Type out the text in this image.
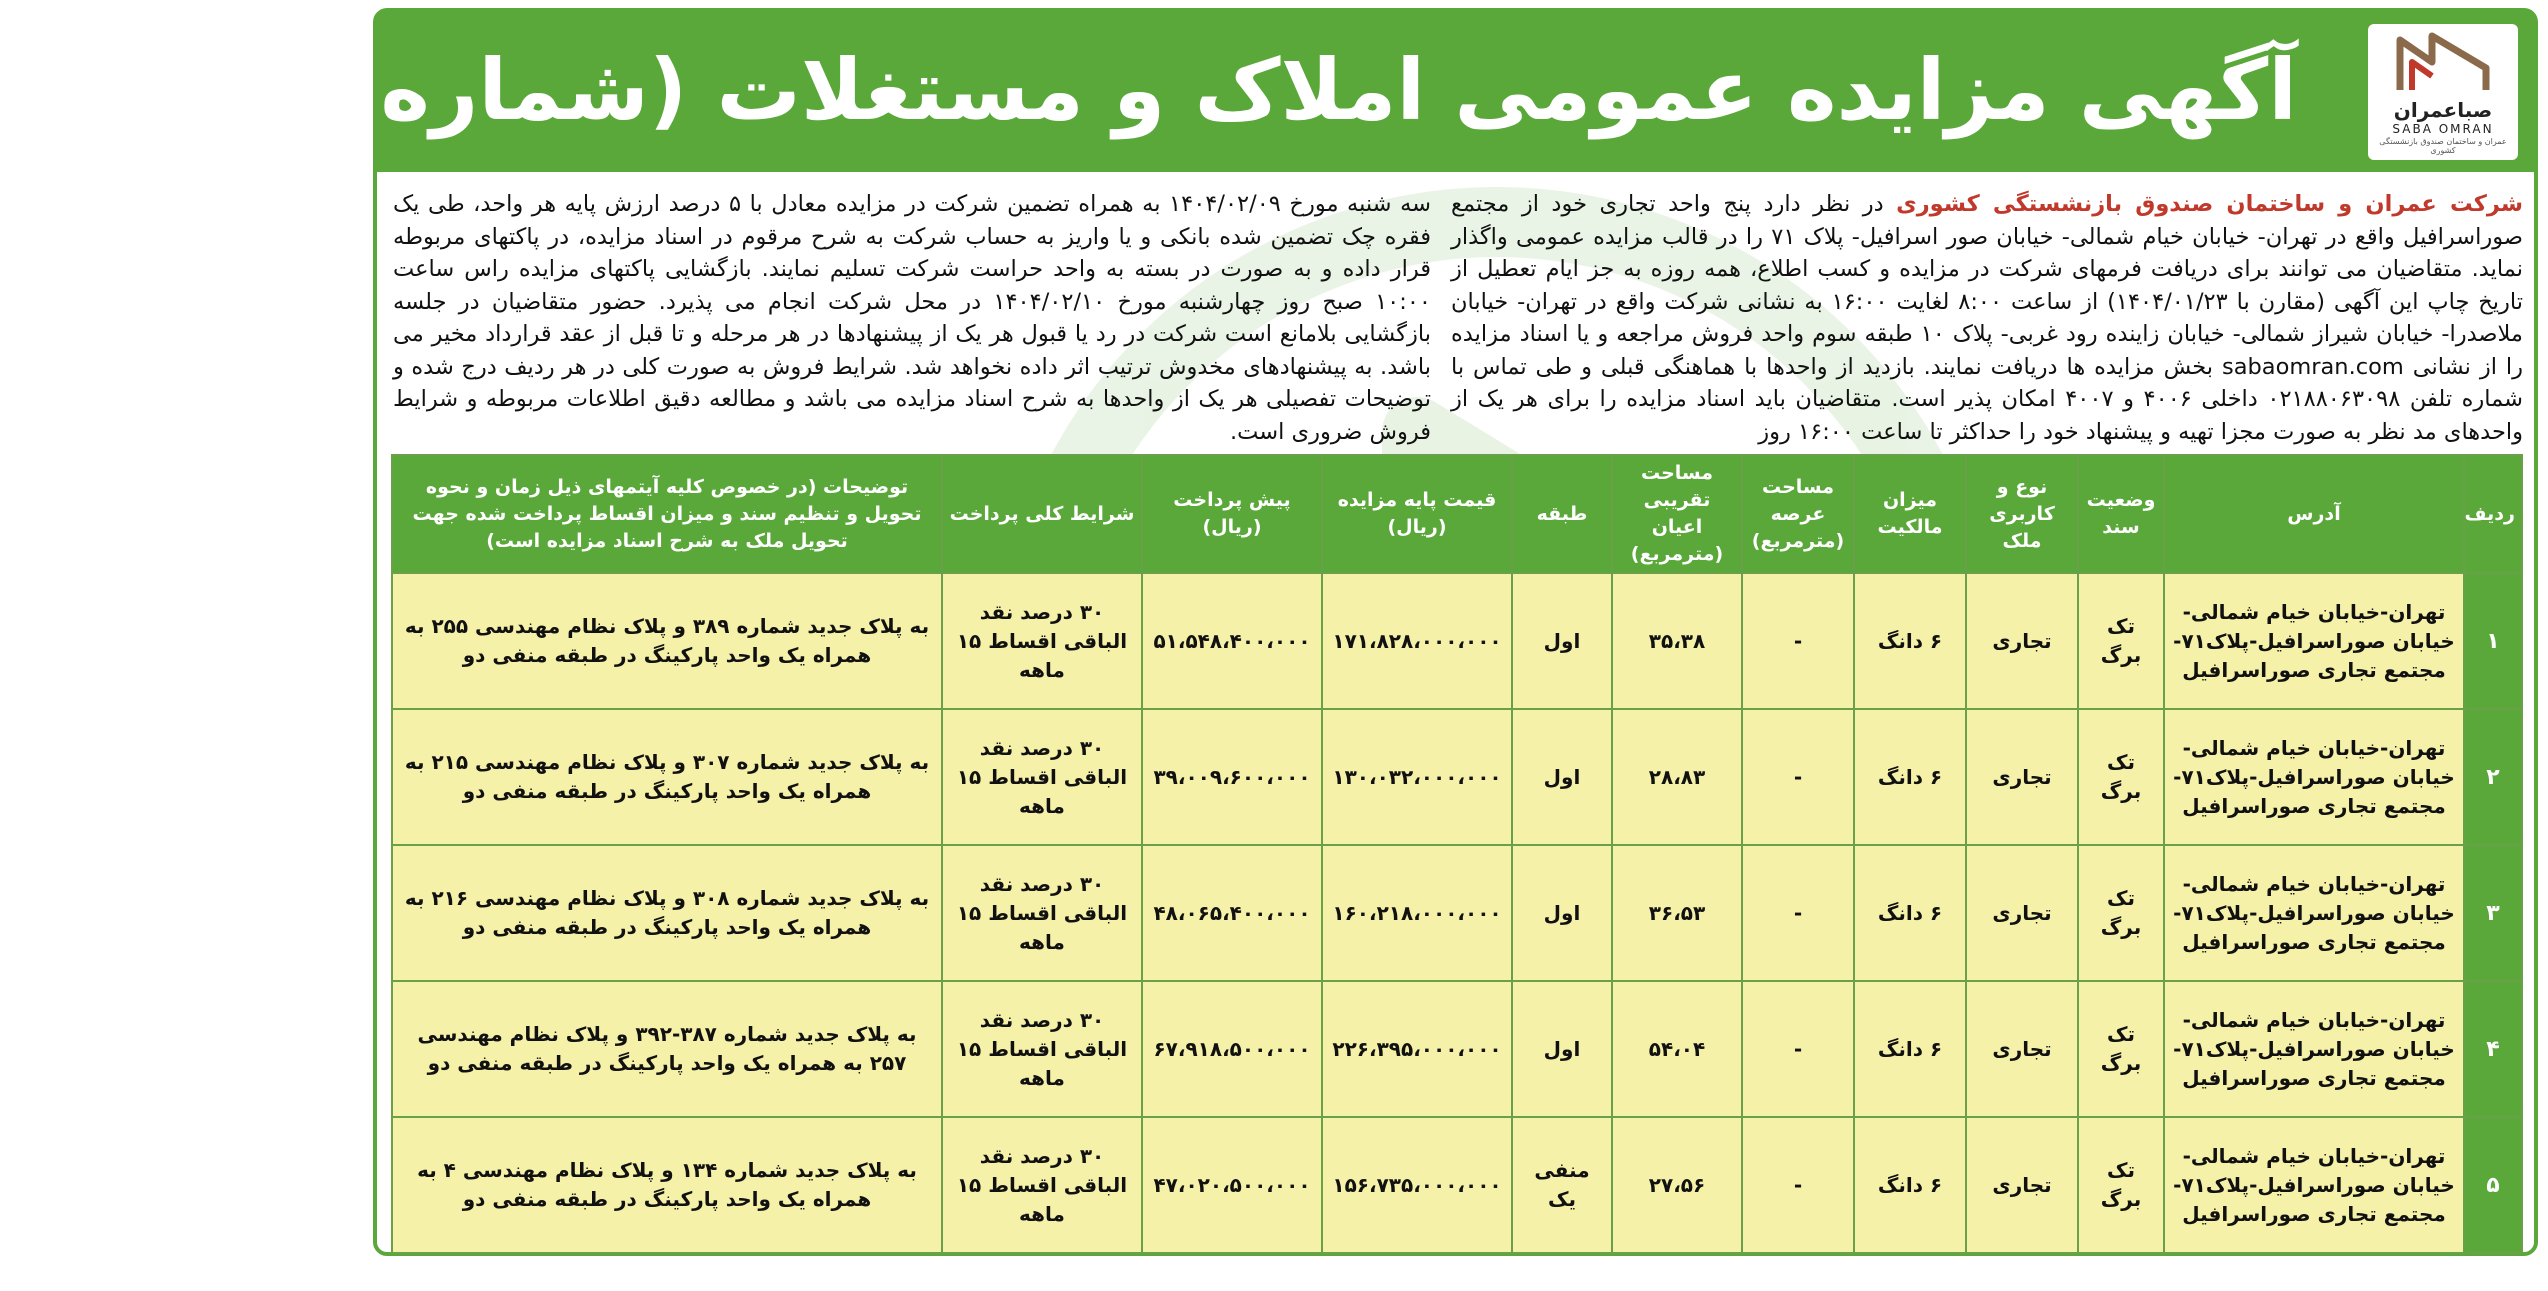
آگهی مزایده عمومی املاک و مستغلات (شماره۱۰۱-۴۰۴)	صباعمران
SABA OMRAN
عمران و ساختمان صندوق بازنشستگی کشوری
شرکت عمران و ساختمان صندوق بازنشستگی کشوری در نظر دارد پنج واحد تجاری خود از مجتمع صوراسرافیل واقع در تهران- خیابان خیام شمالی- خیابان صور اسرافیل- پلاک ۷۱ را در قالب مزایده عمومی واگذار نماید. متقاضیان می توانند برای دریافت فرمهای شرکت در مزایده و کسب اطلاع، همه روزه به جز ایام تعطیل از تاریخ چاپ این آگهی (مقارن با ۱۴۰۴/۰۱/۲۳) از ساعت ۸:۰۰ لغایت ۱۶:۰۰ به نشانی شرکت واقع در تهران- خیابان ملاصدرا- خیابان شیراز شمالی- خیابان زاینده رود غربی- پلاک ۱۰ طبقه سوم واحد فروش مراجعه و یا اسناد مزایده را از نشانی sabaomran.com بخش مزایده ها دریافت نمایند. بازدید از واحدها با هماهنگی قبلی و طی تماس با شماره تلفن ۰۲۱۸۸۰۶۳۰۹۸ داخلی ۴۰۰۶ و ۴۰۰۷ امکان پذیر است. متقاضیان باید اسناد مزایده را برای هر یک از واحدهای مد نظر به صورت مجزا تهیه و پیشنهاد خود را حداکثر تا ساعت ۱۶:۰۰ روز
سه شنبه مورخ ۱۴۰۴/۰۲/۰۹ به همراه تضمین شرکت در مزایده معادل با ۵ درصد ارزش پایه هر واحد، طی یک فقره چک تضمین شده بانکی و یا واریز به حساب شرکت به شرح مرقوم در اسناد مزایده، در پاکتهای مربوطه قرار داده و به صورت در بسته به واحد حراست شرکت تسلیم نمایند. بازگشایی پاکتهای مزایده راس ساعت ۱۰:۰۰ صبح روز چهارشنبه مورخ ۱۴۰۴/۰۲/۱۰ در محل شرکت انجام می پذیرد. حضور متقاضیان در جلسه بازگشایی بلامانع است شرکت در رد یا قبول هر یک از پیشنهادها در هر مرحله و تا قبل از عقد قرارداد مخیر می باشد. به پیشنهادهای مخدوش ترتیب اثر داده نخواهد شد. شرایط فروش به صورت کلی در هر ردیف درج شده و توضیحات تفصیلی هر یک از واحدها به شرح اسناد مزایده می باشد و مطالعه دقیق اطلاعات مربوطه و شرایط فروش ضروری است.
ردیف	آدرس	وضعیت سند	نوع و کاربری ملک	میزان مالکیت	مساحت عرصه (مترمربع)	مساحت تقریبی اعیان (مترمربع)	طبقه	قیمت پایه مزایده (ریال)	پیش پرداخت (ریال)	شرایط کلی پرداخت	توضیحات (در خصوص کلیه آیتمهای ذیل زمان و نحوه تحویل و تنظیم سند و میزان اقساط پرداخت شده جهت تحویل ملک به شرح اسناد مزایده است)
۱	تهران-خیابان خیام شمالی- خیابان صوراسرافیل-پلاک۷۱- مجتمع تجاری صوراسرافیل	تک برگ	تجاری	۶ دانگ	-	۳۵،۳۸	اول	۱۷۱،۸۲۸،۰۰۰،۰۰۰	۵۱،۵۴۸،۴۰۰،۰۰۰	۳۰ درصد نقد الباقی اقساط ۱۵ ماهه	به پلاک جدید شماره ۳۸۹ و پلاک نظام مهندسی ۲۵۵ به همراه یک واحد پارکینگ در طبقه منفی دو
۲	تهران-خیابان خیام شمالی-خیابان صوراسرافیل-پلاک۷۱-مجتمع تجاری صوراسرافیل	تک برگ	تجاری	۶ دانگ	-	۲۸،۸۳	اول	۱۳۰،۰۳۲،۰۰۰،۰۰۰	۳۹،۰۰۹،۶۰۰،۰۰۰	۳۰ درصد نقد الباقی اقساط ۱۵ ماهه	به پلاک جدید شماره ۳۰۷ و پلاک نظام مهندسی ۲۱۵ به همراه یک واحد پارکینگ در طبقه منفی دو
۳	تهران-خیابان خیام شمالی- خیابان صوراسرافیل-پلاک۷۱- مجتمع تجاری صوراسرافیل	تک برگ	تجاری	۶ دانگ	-	۳۶،۵۳	اول	۱۶۰،۲۱۸،۰۰۰،۰۰۰	۴۸،۰۶۵،۴۰۰،۰۰۰	۳۰ درصد نقد الباقی اقساط ۱۵ ماهه	به پلاک جدید شماره ۳۰۸ و پلاک نظام مهندسی ۲۱۶ به همراه یک واحد پارکینگ در طبقه منفی دو
۴	تهران-خیابان خیام شمالی- خیابان صوراسرافیل-پلاک۷۱- مجتمع تجاری صوراسرافیل	تک برگ	تجاری	۶ دانگ	-	۵۴،۰۴	اول	۲۲۶،۳۹۵،۰۰۰،۰۰۰	۶۷،۹۱۸،۵۰۰،۰۰۰	۳۰ درصد نقد الباقی اقساط ۱۵ ماهه	به پلاک جدید شماره ۳۸۷-۳۹۲ و پلاک نظام مهندسی ۲۵۷ به همراه یک واحد پارکینگ در طبقه منفی دو
۵	تهران-خیابان خیام شمالی- خیابان صوراسرافیل-پلاک۷۱- مجتمع تجاری صوراسرافیل	تک برگ	تجاری	۶ دانگ	-	۲۷،۵۶	منفی یک	۱۵۶،۷۳۵،۰۰۰،۰۰۰	۴۷،۰۲۰،۵۰۰،۰۰۰	۳۰ درصد نقد الباقی اقساط ۱۵ ماهه	به پلاک جدید شماره ۱۳۴ و پلاک نظام مهندسی ۴ به همراه یک واحد پارکینگ در طبقه منفی دو
